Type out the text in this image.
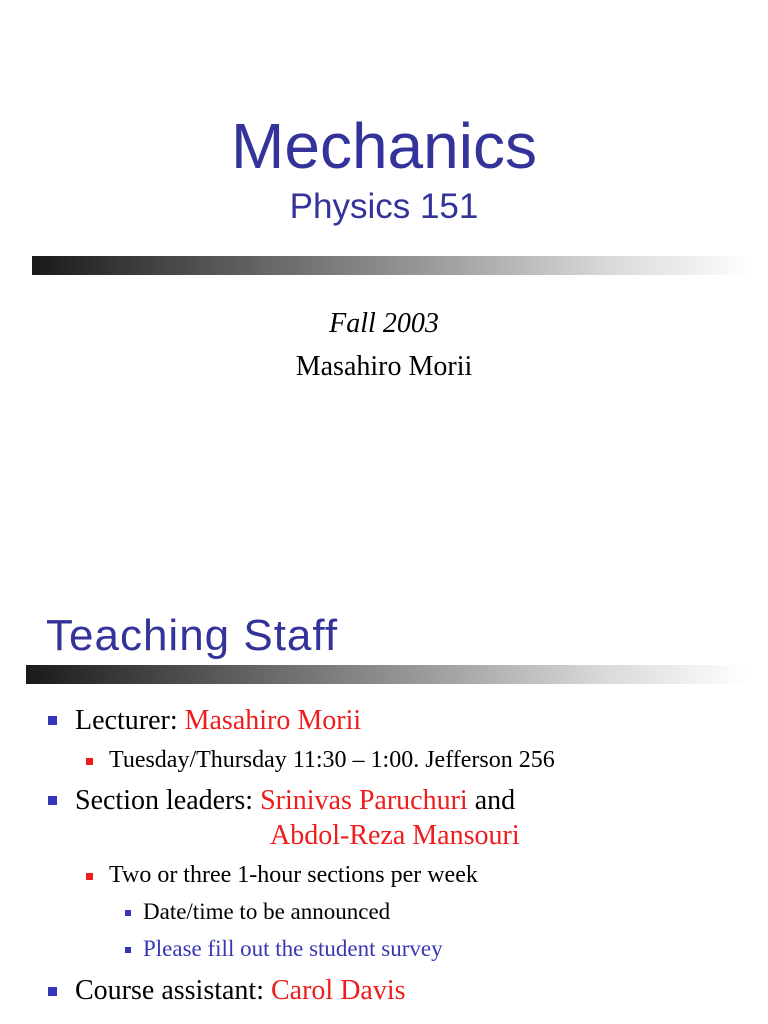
Mechanics
Physics 151
Fall 2003
Masahiro Morii
Teaching Staff
Lecturer: Masahiro Morii
Tuesday/Thursday 11:30 – 1:00. Jefferson 256
Section leaders: Srinivas Paruchuri and
Abdol-Reza Mansouri
Two or three 1-hour sections per week
Date/time to be announced
Please fill out the student survey
Course assistant: Carol Davis
